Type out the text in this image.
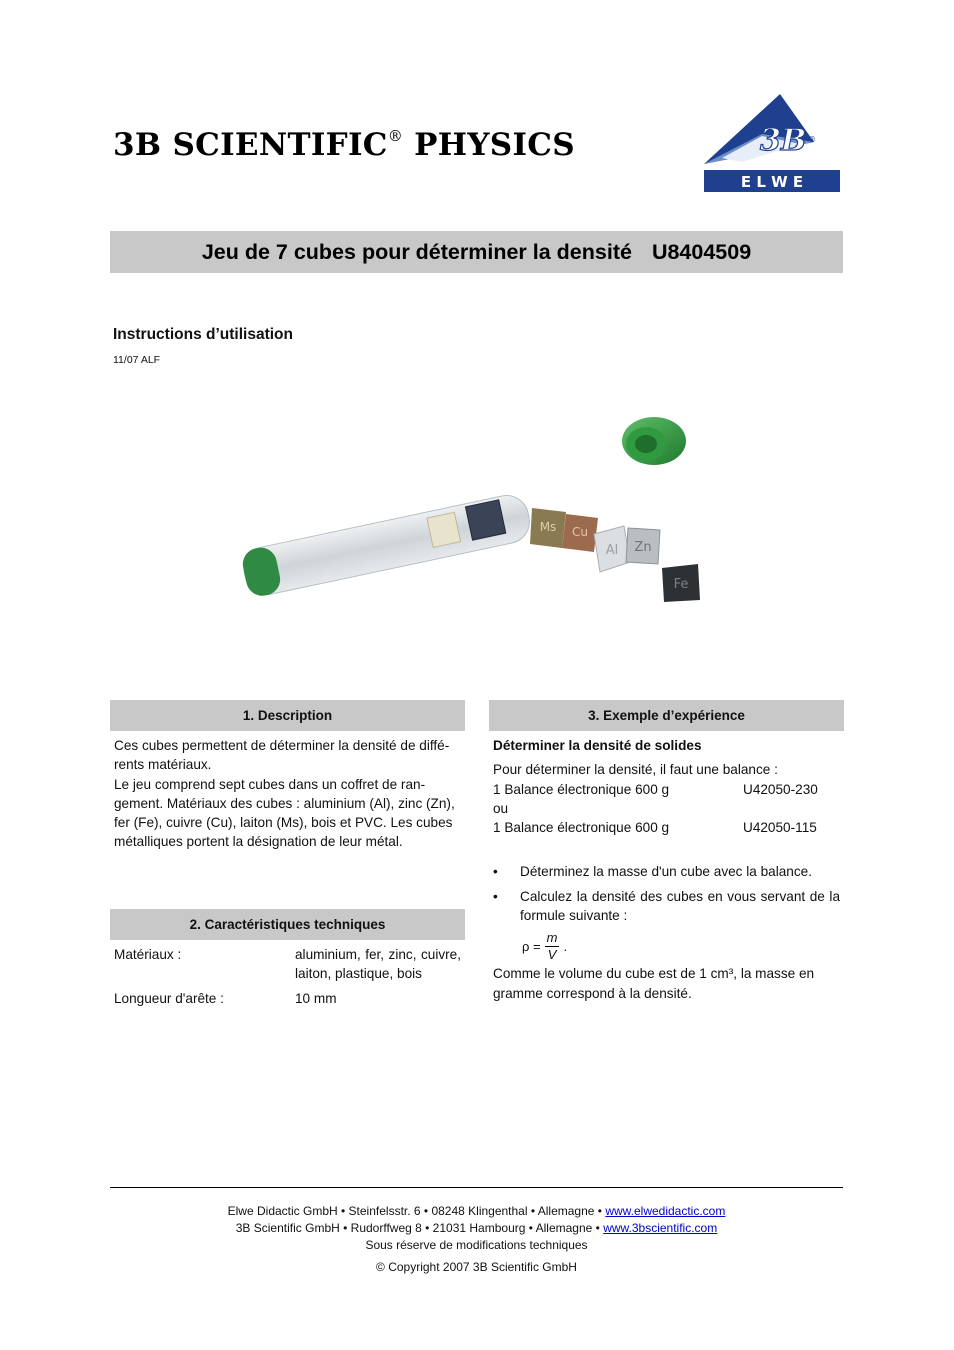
3B SCIENTIFIC® PHYSICS	3B ®
E L W E
Jeu de 7 cubes pour déterminer la densité U8404509
Instructions d’utilisation
11/07 ALF
Ms Cu
Al Zn
Fe
1. Description

Ces cubes permettent de déterminer la densité de diffé- rents matériaux.

Le jeu comprend sept cubes dans un coffret de ran- gement. Matériaux des cubes : aluminium (Al), zinc (Zn), fer (Fe), cuivre (Cu), laiton (Ms), bois et PVC. Les cubes métalliques portent la désignation de leur métal.

2. Caractéristiques techniques
Matériaux :	aluminium, fer, zinc, cuivre, laiton, plastique, bois
Longueur d'arête :	10 mm
3. Exemple d’expérience
Déterminer la densité de solides
Pour déterminer la densité, il faut une balance :
1 Balance électronique 600 g	U42050-230
ou
1 Balance électronique 600 g	U42050-115
•	Déterminez la masse d'un cube avec la balance.
•	Calculez la densité des cubes en vous servant de la formule suivante :
$\rho = \frac{m}{V}$ .
Comme le volume du cube est de 1 cm³, la masse en gramme correspond à la densité.
Elwe Didactic GmbH • Steinfelsstr. 6 • 08248 Klingenthal • Allemagne • www.elwedidactic.com
3B Scientific GmbH • Rudorffweg 8 • 21031 Hambourg • Allemagne • www.3bscientific.com
Sous réserve de modifications techniques
© Copyright 2007 3B Scientific GmbH
